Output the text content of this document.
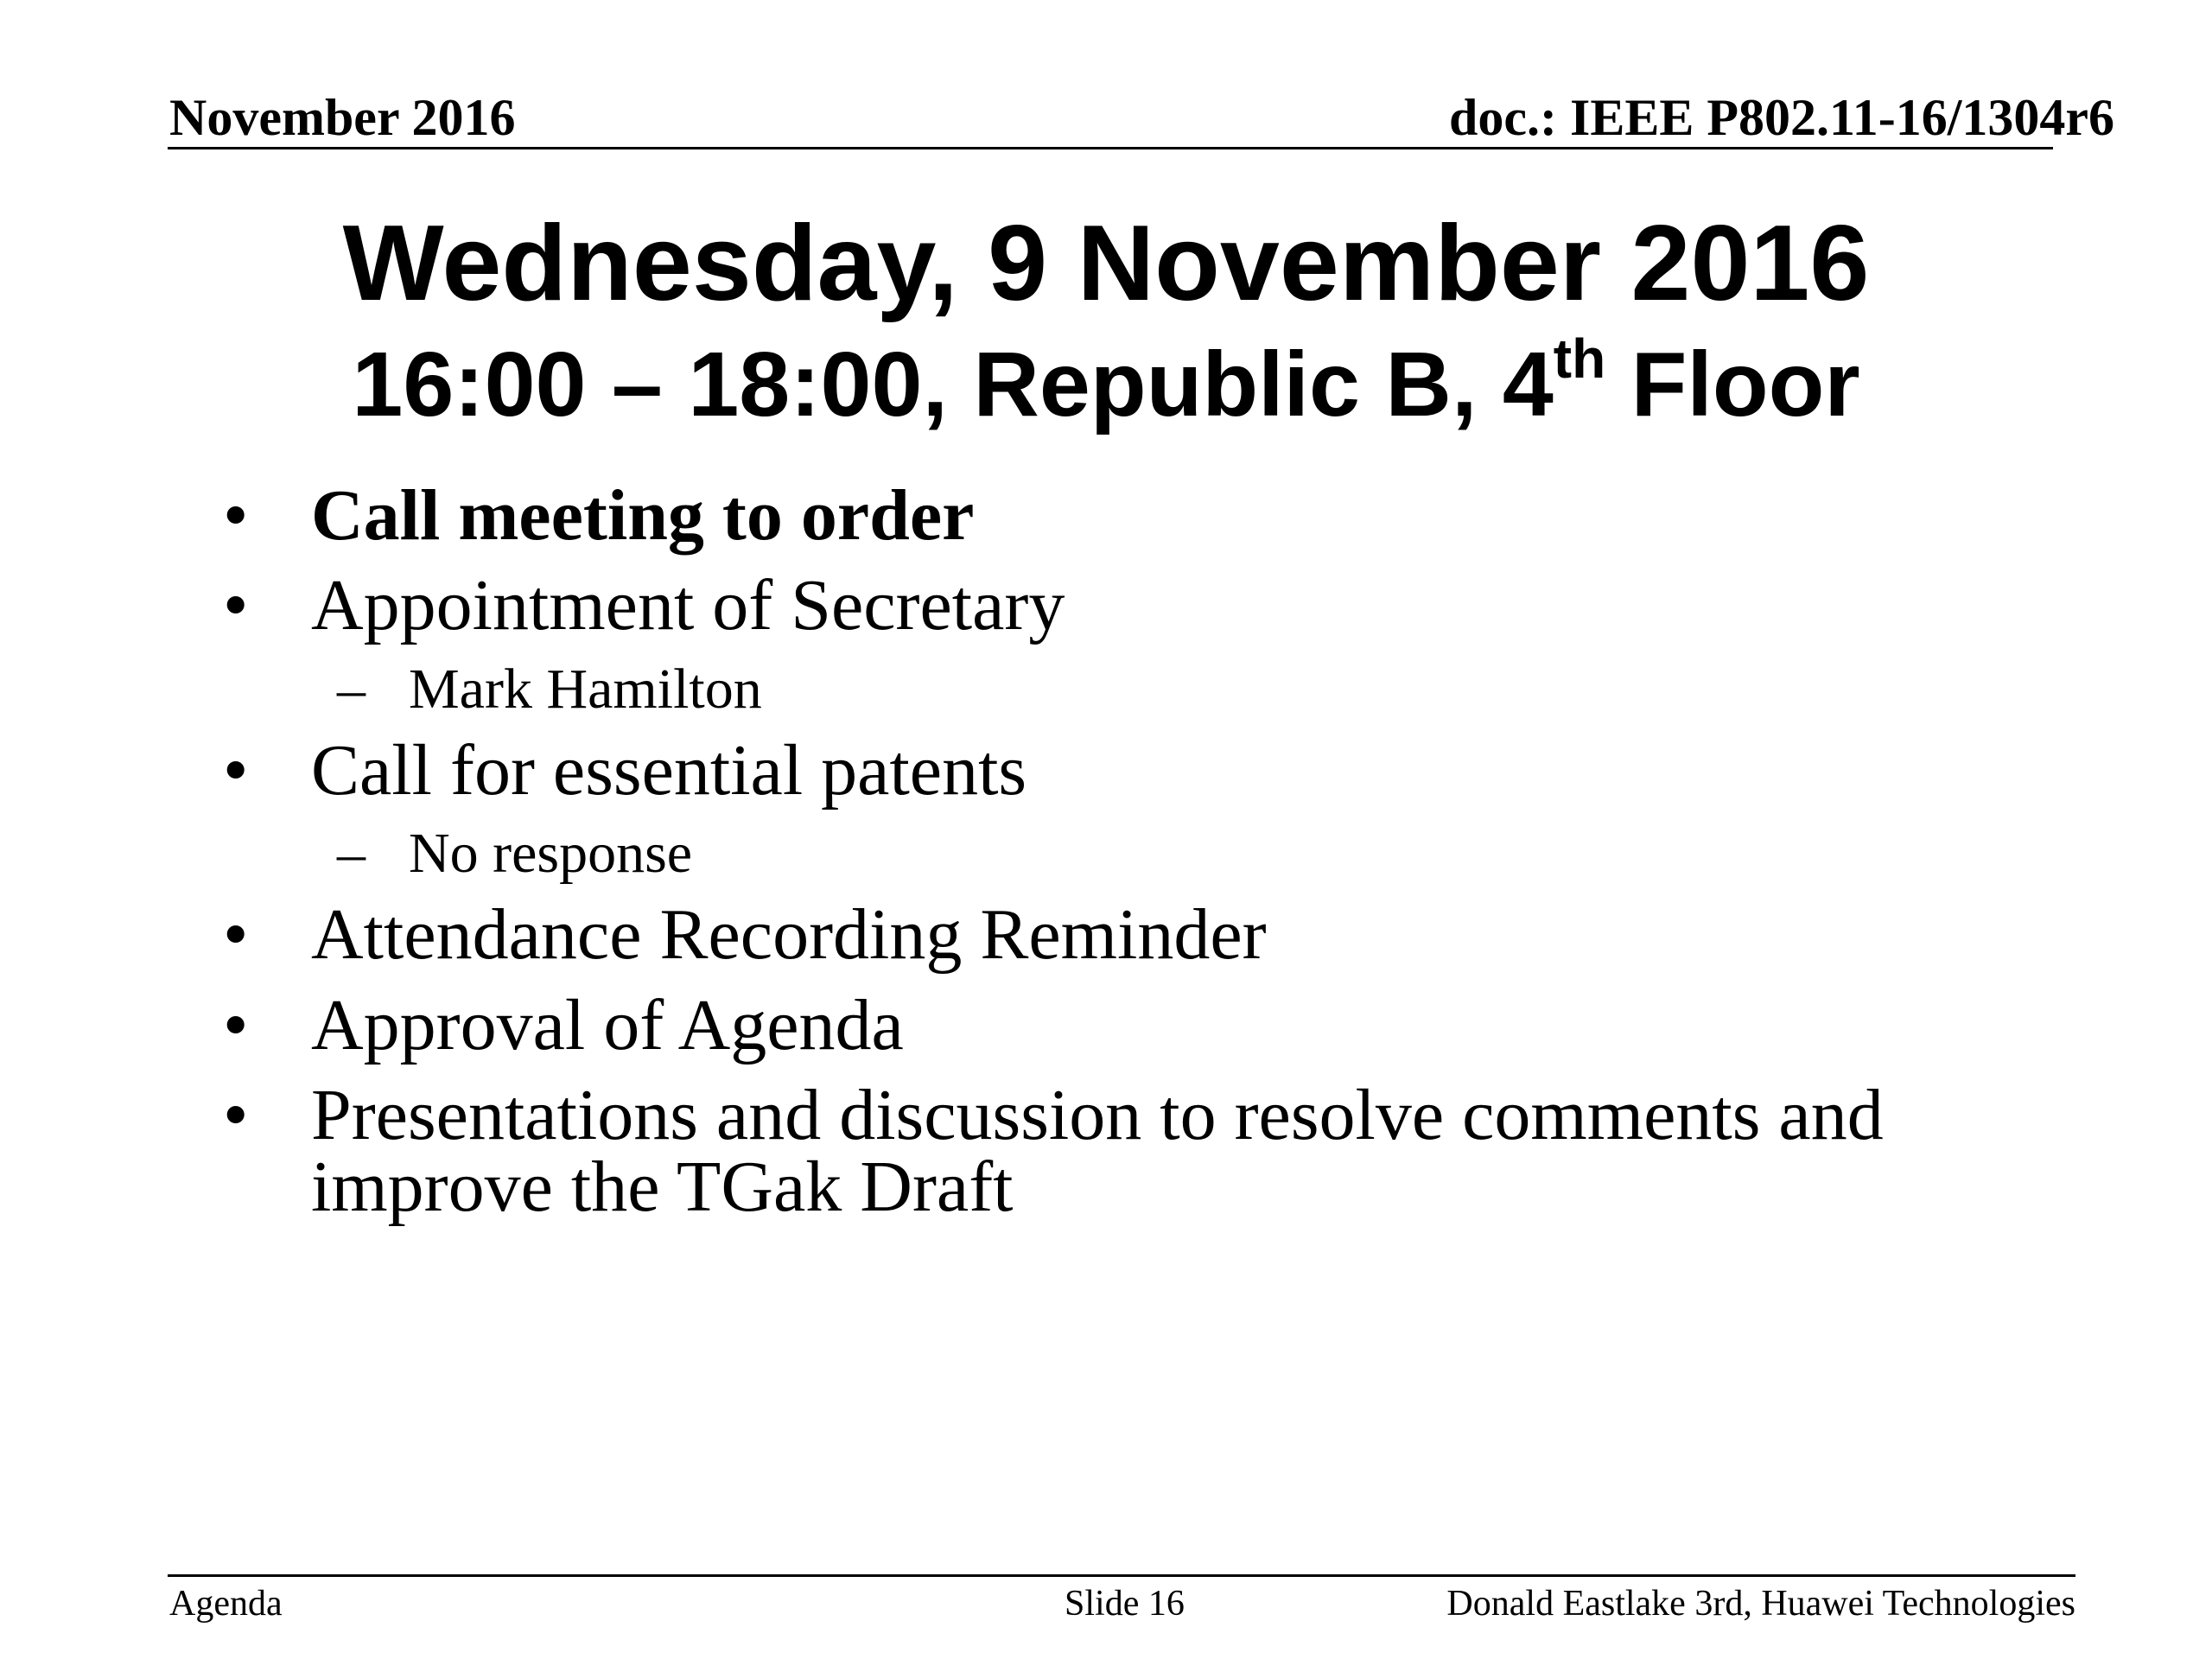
November 2016	doc.: IEEE P802.11-16/1304r6
Wednesday, 9 November 2016
16:00 – 18:00, Republic B, 4th Floor
• Call meeting to order
• Appointment of Secretary
– Mark Hamilton
• Call for essential patents
– No response
• Attendance Recording Reminder
• Approval of Agenda
• Presentations and discussion to resolve comments and
improve the TGak Draft
Agenda	Slide 16	Donald Eastlake 3rd, Huawei Technologies
